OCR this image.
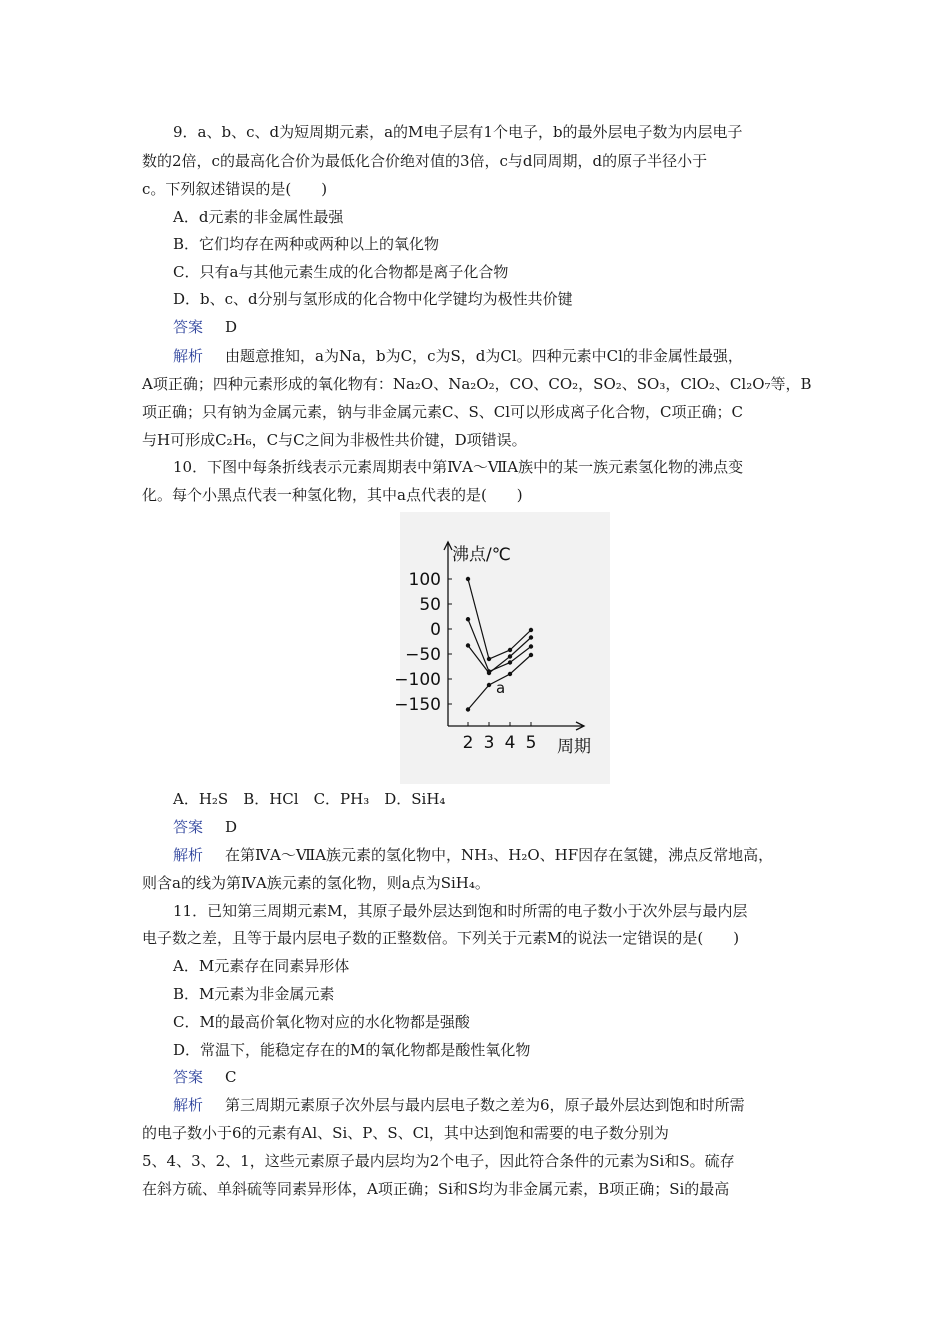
9．a、b、c、d为短周期元素，a的M电子层有1个电子，b的最外层电子数为内层电子
数的2倍，c的最高化合价为最低化合价绝对值的3倍，c与d同周期，d的原子半径小于
c。下列叙述错误的是(　　)
A．d元素的非金属性最强
B．它们均存在两种或两种以上的氧化物
C．只有a与其他元素生成的化合物都是离子化合物
D．b、c、d分别与氢形成的化合物中化学键均为极性共价键
答案 D
解析 由题意推知，a为Na，b为C，c为S，d为Cl。四种元素中Cl的非金属性最强，
A项正确；四种元素形成的氧化物有：Na₂O、Na₂O₂，CO、CO₂，SO₂、SO₃，ClO₂、Cl₂O₇等，B
项正确；只有钠为金属元素，钠与非金属元素C、S、Cl可以形成离子化合物，C项正确；C
与H可形成C₂H₆，C与C之间为非极性共价键，D项错误。
10．下图中每条折线表示元素周期表中第ⅣA～ⅦA族中的某一族元素氢化物的沸点变
化。每个小黑点代表一种氢化物，其中a点代表的是(　　)
100
50
0
−50
−100
−150
2 3 4 5
a
沸点/℃
周期
A．H₂S　B．HCl　C．PH₃　D．SiH₄
答案 D
解析 在第ⅣA～ⅦA族元素的氢化物中，NH₃、H₂O、HF因存在氢键，沸点反常地高，
则含a的线为第ⅣA族元素的氢化物，则a点为SiH₄。
11．已知第三周期元素M，其原子最外层达到饱和时所需的电子数小于次外层与最内层
电子数之差，且等于最内层电子数的正整数倍。下列关于元素M的说法一定错误的是(　　)
A．M元素存在同素异形体
B．M元素为非金属元素
C．M的最高价氧化物对应的水化物都是强酸
D．常温下，能稳定存在的M的氧化物都是酸性氧化物
答案 C
解析 第三周期元素原子次外层与最内层电子数之差为6，原子最外层达到饱和时所需
的电子数小于6的元素有Al、Si、P、S、Cl，其中达到饱和需要的电子数分别为
5、4、3、2、1，这些元素原子最内层均为2个电子，因此符合条件的元素为Si和S。硫存
在斜方硫、单斜硫等同素异形体，A项正确；Si和S均为非金属元素，B项正确；Si的最高
